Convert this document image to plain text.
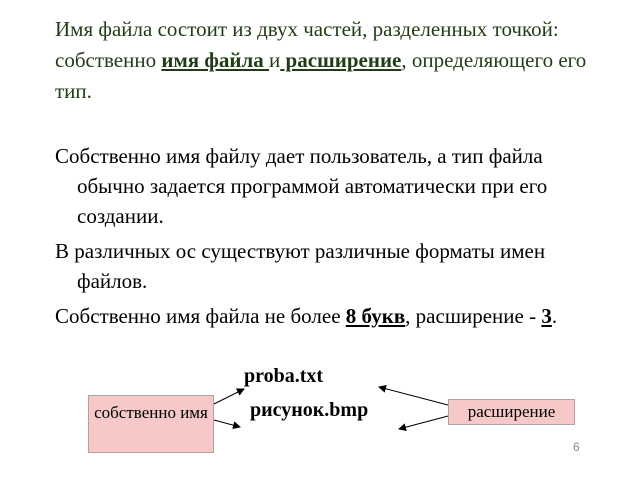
Имя файла состоит из двух частей, разделенных точкой: собственно имя файла и расширение, определяющего его тип.

Собственно имя файлу дает пользователь, а тип файла обычно задается программой автоматически при его создании.

В различных ос существуют различные форматы имен файлов.

Собственно имя файла не более 8 букв, расширение - 3.

proba.txt
рисунок.bmp
собственно имя	расширение
6
